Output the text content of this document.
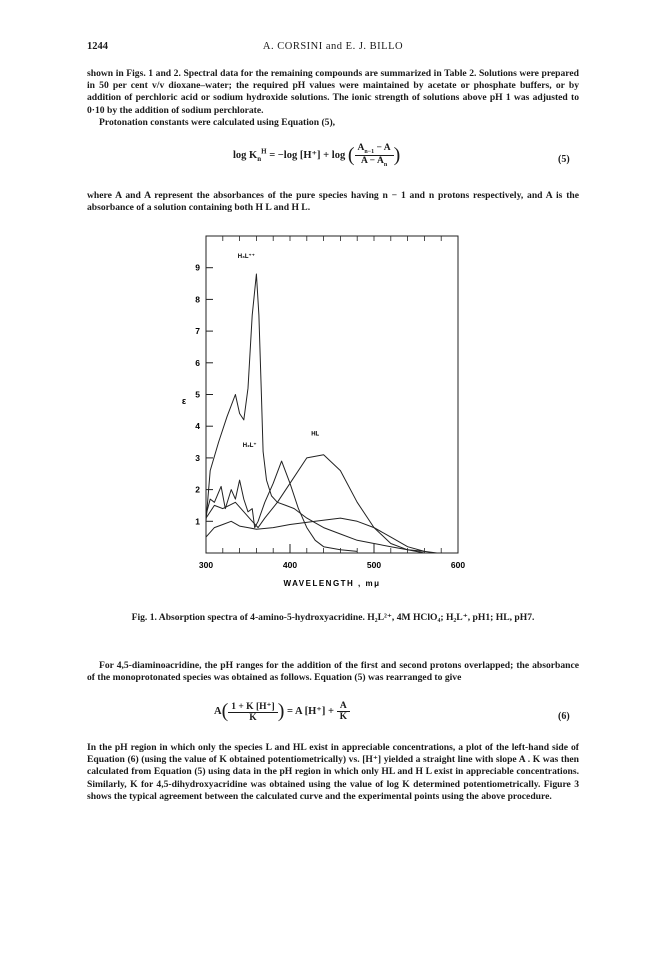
1244	A. CORSINI and E. J. BILLO
shown in Figs. 1 and 2. Spectral data for the remaining compounds are summarized in Table 2. Solutions were prepared in 50 per cent v/v dioxane–water; the required pH values were maintained by acetate or phosphate buffers, or by addition of perchloric acid or sodium hydroxide solutions. The ionic strength of solutions above pH 1 was adjusted to 0·10 by the addition of sodium perchlorate.
Protonation constants were calculated using Equation (5),
$\log K_n^H = -\log$ [H⁺] + log ( $\frac{A_{n-1} - A}{A - A_n}$ )	(5)
where A and A represent the absorbances of the pure species having n − 1 and n protons respectively, and A is the absorbance of a solution containing both H L and H L.
300	400	500	600
1
2
3
4
5
6
7
8
9
WAVELENGTH , mμ
ε
H₃L⁺⁺
H₂L⁺
HL
Fig. 1. Absorption spectra of 4-amino-5-hydroxyacridine. H₂L²⁺, 4M HClO₄; H₂L⁺, pH1; HL, pH7.
For 4,5-diaminoacridine, the pH ranges for the addition of the first and second protons overlapped; the absorbance of the monoprotonated species was obtained as follows. Equation (5) was rearranged to give
$A( \frac{1 + K [H^+]}{K}$ ) = A $[H^+] + \frac{A}{K}$	(6)
In the pH region in which only the species L and HL exist in appreciable concentrations, a plot of the left-hand side of Equation (6) (using the value of K obtained potentiometrically) vs. [H⁺] yielded a straight line with slope A . K was then calculated from Equation (5) using data in the pH region in which only HL and H L exist in appreciable concentrations. Similarly, K for 4,5-dihydroxyacridine was obtained using the value of log K determined potentiometrically. Figure 3 shows the typical agreement between the calculated curve and the experimental points using the above procedure.
